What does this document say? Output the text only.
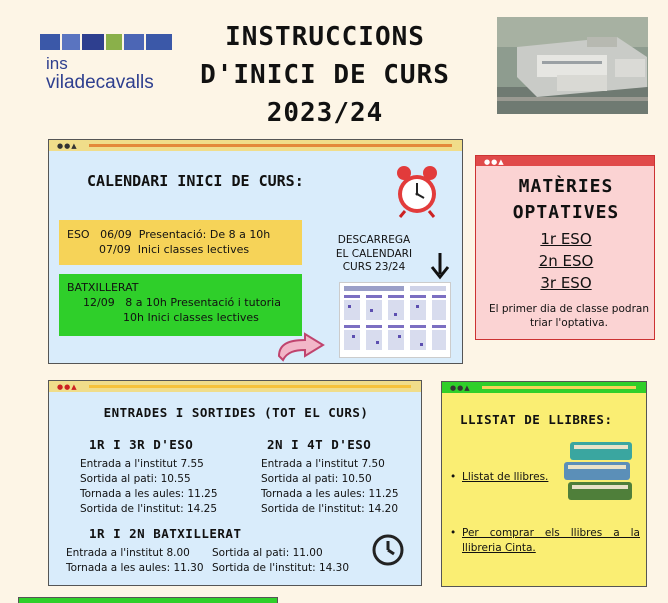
ins
viladecavalls
INSTRUCCIONS
D'INICI DE CURS
2023/24
●●▲
CALENDARI INICI DE CURS:
ESO 06/09 Presentació: De 8 a 10h
07/09 Inici classes lectives
BATXILLERAT
12/09 8 a 10h Presentació i tutoria
10h Inici classes lectives
DESCARREGA
EL CALENDARI
CURS 23/24
●●▲
MATÈRIES
OPTATIVES
1r ESO
2n ESO
3r ESO
El primer dia de classe podran triar l'optativa.
●●▲
ENTRADES I SORTIDES (TOT EL CURS)
1R I 3R D'ESO
Entrada a l'institut 7.55
Sortida al pati: 10.55
Tornada a les aules: 11.25
Sortida de l'institut: 14.25
2N I 4T D'ESO
Entrada a l'institut 7.50
Sortida al pati: 10.50
Tornada a les aules: 11.25
Sortida de l'institut: 14.20
1R I 2N BATXILLERAT
Entrada a l'institut 8.00
Tornada a les aules: 11.30
Sortida al pati: 11.00
Sortida de l'institut: 14.30
●●▲
LLISTAT DE LLIBRES:
• Llistat de llibres.
• Per comprar els llibres a la llibreria Cinta.
